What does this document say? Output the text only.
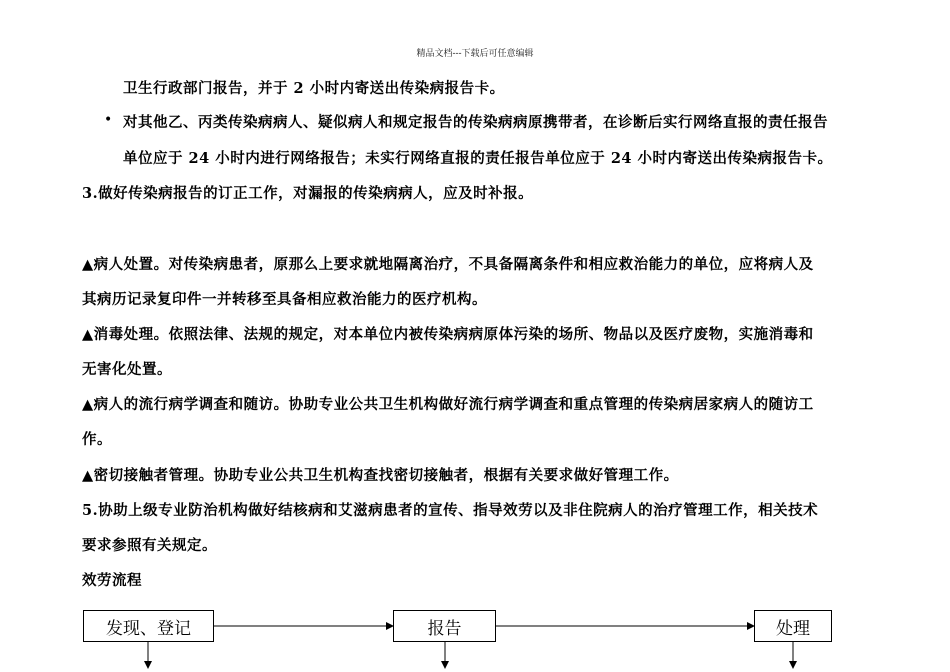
精品文档---下载后可任意编辑
卫生行政部门报告，并于 2 小时内寄送出传染病报告卡。
• 对其他乙、丙类传染病病人、疑似病人和规定报告的传染病病原携带者，在诊断后实行网络直报的责任报告
单位应于 24 小时内进行网络报告；未实行网络直报的责任报告单位应于 24 小时内寄送出传染病报告卡。
3.做好传染病报告的订正工作，对漏报的传染病病人，应及时补报。
▲病人处置。对传染病患者，原那么上要求就地隔离治疗，不具备隔离条件和相应救治能力的单位，应将病人及
其病历记录复印件一并转移至具备相应救治能力的医疗机构。
▲消毒处理。依照法律、法规的规定，对本单位内被传染病病原体污染的场所、物品以及医疗废物，实施消毒和
无害化处置。
▲病人的流行病学调查和随访。协助专业公共卫生机构做好流行病学调查和重点管理的传染病居家病人的随访工
作。
▲密切接触者管理。协助专业公共卫生机构查找密切接触者，根据有关要求做好管理工作。
5.协助上级专业防治机构做好结核病和艾滋病患者的宣传、指导效劳以及非住院病人的治疗管理工作，相关技术
要求参照有关规定。
效劳流程
发现、登记	报告	处理
